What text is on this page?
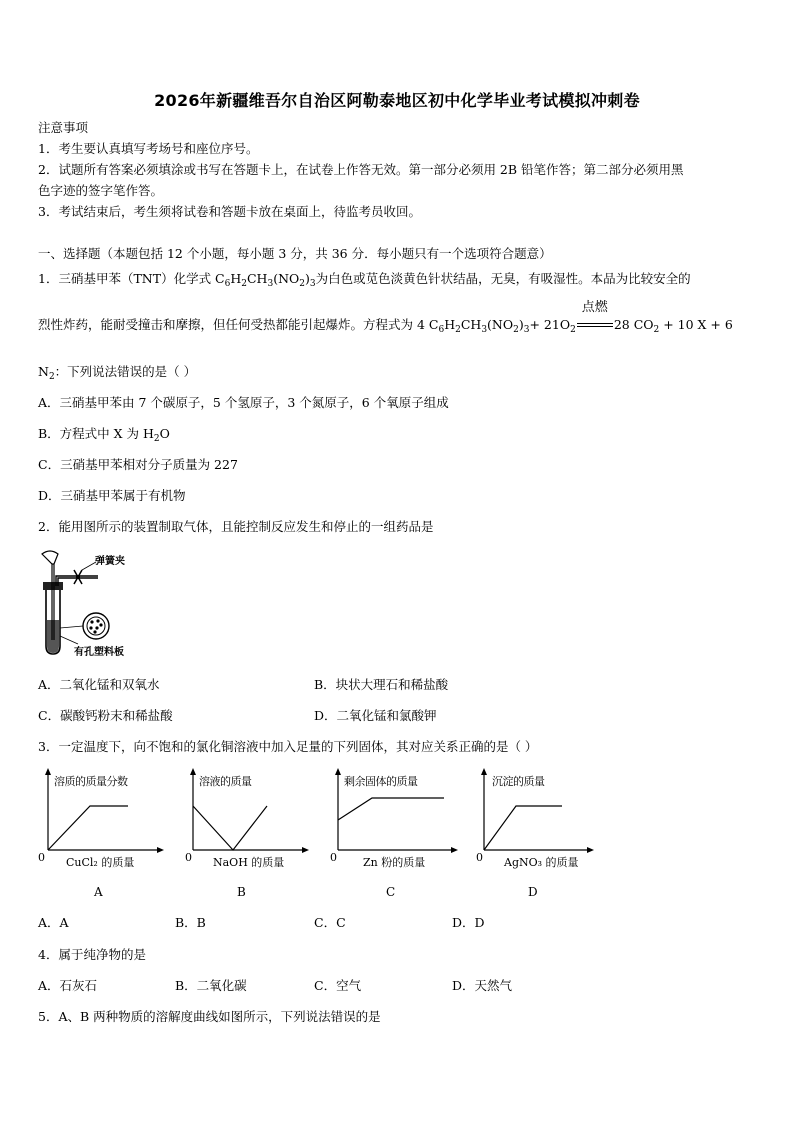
2026年新疆维吾尔自治区阿勒泰地区初中化学毕业考试模拟冲刺卷
注意事项
1．考生要认真填写考场号和座位序号。
2．试题所有答案必须填涂或书写在答题卡上，在试卷上作答无效。第一部分必须用 2B 铅笔作答；第二部分必须用黑
色字迹的签字笔作答。
3．考试结束后，考生须将试卷和答题卡放在桌面上，待监考员收回。
一、选择题（本题包括 12 个小题，每小题 3 分，共 36 分．每小题只有一个选项符合题意）
1．三硝基甲苯（TNT）化学式 $C_6H_2CH_3(NO_2)_3$为白色或苋色淡黄色针状结晶，无臭，有吸湿性。本品为比较安全的
烈性炸药，能耐受撞击和摩擦，但任何受热都能引起爆炸。方程式为 4 $C_6H_2CH_3(NO_2)_3+ 21O_2$
点燃
28 $CO_2 + 10$ X + 6
$N_2$：下列说法错误的是（ ）
A．三硝基甲苯由 7 个碳原子，5 个氢原子，3 个氮原子，6 个氧原子组成
B．方程式中 X 为 $H_2O$
C．三硝基甲苯相对分子质量为 227
D．三硝基甲苯属于有机物
2．能用图所示的装置制取气体，且能控制反应发生和停止的一组药品是
弹簧夹
有孔塑料板
A．二氧化锰和双氧水	B．块状大理石和稀盐酸
C．碳酸钙粉末和稀盐酸	D．二氧化锰和氯酸钾
3．一定温度下，向不饱和的氯化铜溶液中加入足量的下列固体，其对应关系正确的是（ ）
溶质的质量分数
0 CuCl₂ 的质量
A
溶液的质量
0 NaOH 的质量
B
剩余固体的质量
0 Zn 粉的质量
C
沉淀的质量
0 AgNO₃ 的质量
D
A．A	B．B	C．C	D．D
4．属于纯净物的是
A．石灰石	B．二氧化碳	C．空气	D．天然气
5．A、B 两种物质的溶解度曲线如图所示，下列说法错误的是
